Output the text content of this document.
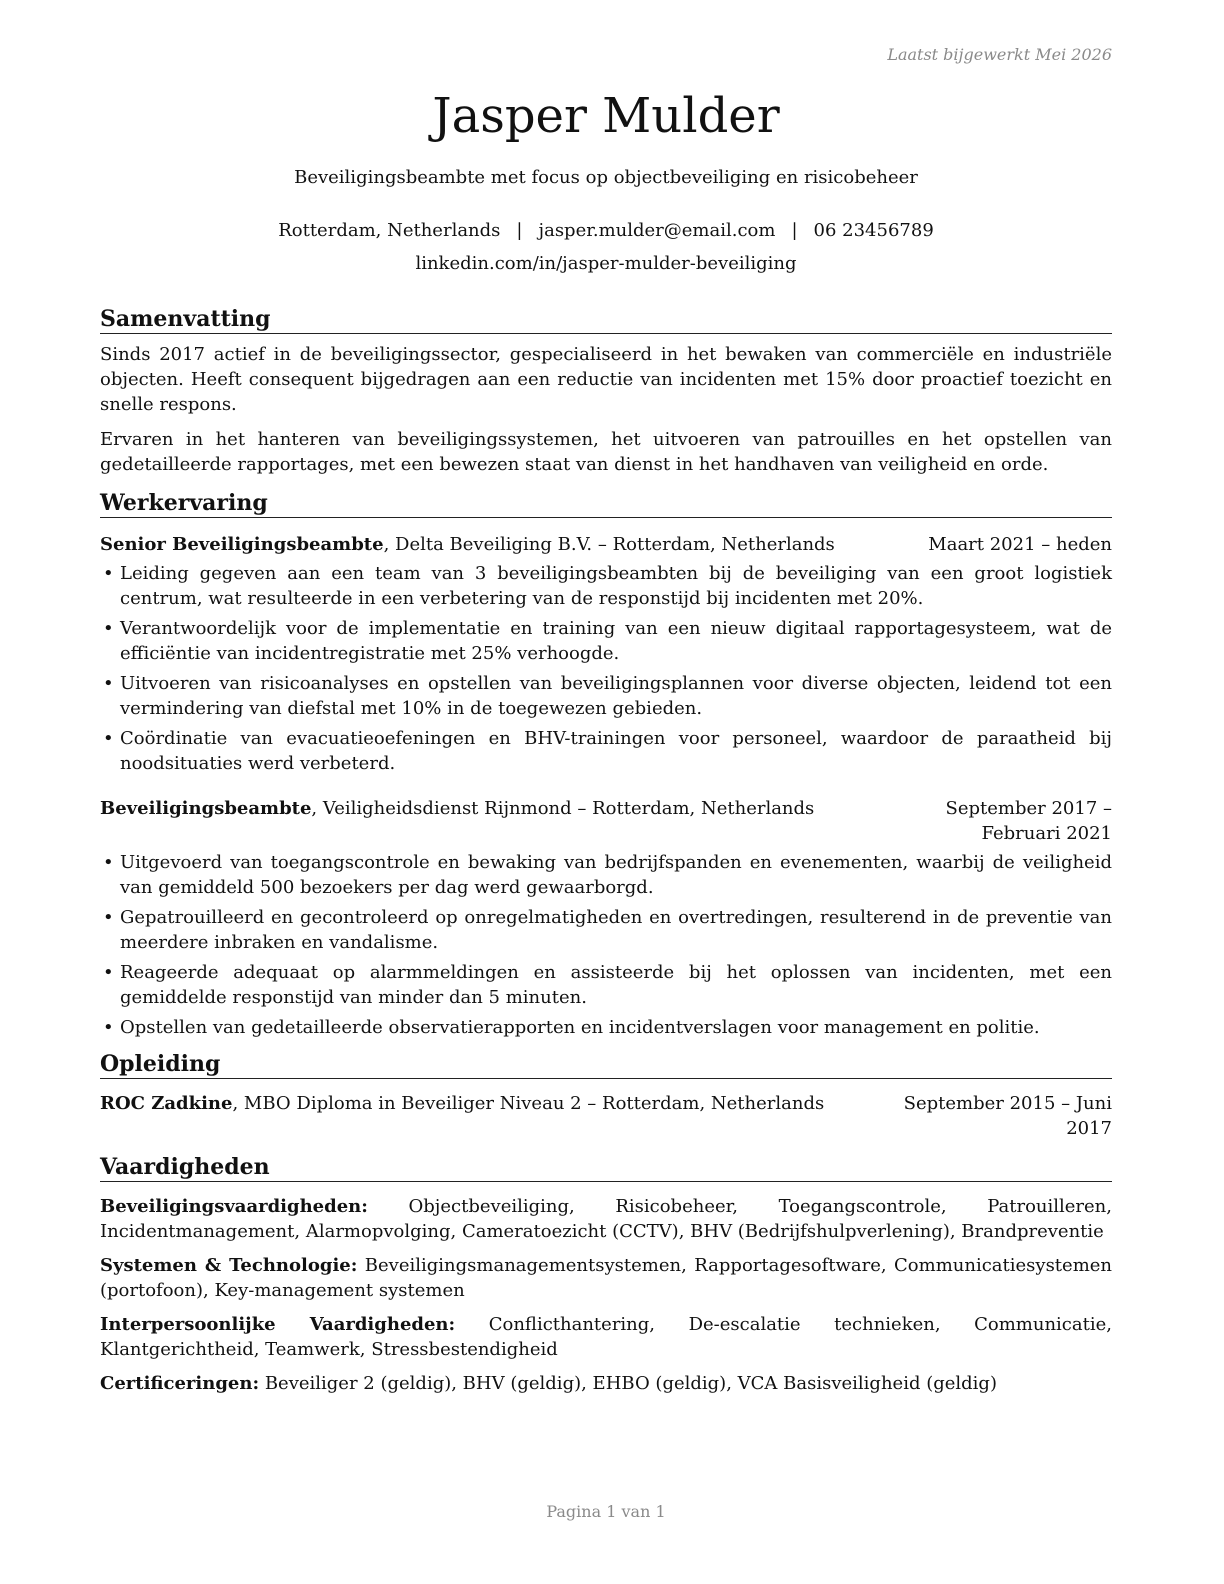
Laatst bijgewerkt Mei 2026
Jasper Mulder
Beveiligingsbeambte met focus op objectbeveiliging en risicobeheer
Rotterdam, Netherlands | jasper.mulder@email.com | 06 23456789
linkedin.com/in/jasper-mulder-beveiliging
Samenvatting

Sinds 2017 actief in de beveiligingssector, gespecialiseerd in het bewaken van commerciële en industriële objecten. Heeft consequent bijgedragen aan een reductie van incidenten met 15% door proactief toezicht en snelle respons.

Ervaren in het hanteren van beveiligingssystemen, het uitvoeren van patrouilles en het opstellen van gedetailleerde rapportages, met een bewezen staat van dienst in het handhaven van veiligheid en orde.

Werkervaring
Senior Beveiligingsbeambte, Delta Beveiliging B.V. – Rotterdam, Netherlands	Maart 2021 – heden
• Leiding gegeven aan een team van 3 beveiligingsbeambten bij de beveiliging van een groot logistiek centrum, wat resulteerde in een verbetering van de responstijd bij incidenten met 20%.
• Verantwoordelijk voor de implementatie en training van een nieuw digitaal rapportagesysteem, wat de efficiëntie van incidentregistratie met 25% verhoogde.
• Uitvoeren van risicoanalyses en opstellen van beveiligingsplannen voor diverse objecten, leidend tot een vermindering van diefstal met 10% in de toegewezen gebieden.
• Coördinatie van evacuatieoefeningen en BHV-trainingen voor personeel, waardoor de paraatheid bij noodsituaties werd verbeterd.
Beveiligingsbeambte, Veiligheidsdienst Rijnmond – Rotterdam, Netherlands	September 2017 – Februari 2021
• Uitgevoerd van toegangscontrole en bewaking van bedrijfspanden en evenementen, waarbij de veiligheid van gemiddeld 500 bezoekers per dag werd gewaarborgd.
• Gepatrouilleerd en gecontroleerd op onregelmatigheden en overtredingen, resulterend in de preventie van meerdere inbraken en vandalisme.
• Reageerde adequaat op alarmmeldingen en assisteerde bij het oplossen van incidenten, met een gemiddelde responstijd van minder dan 5 minuten.
• Opstellen van gedetailleerde observatierapporten en incidentverslagen voor management en politie.
Opleiding
ROC Zadkine, MBO Diploma in Beveiliger Niveau 2 – Rotterdam, Netherlands	September 2015 – Juni 2017
Vaardigheden

Beveiligingsvaardigheden: Objectbeveiliging, Risicobeheer, Toegangscontrole, Patrouilleren, Incidentmanagement, Alarmopvolging, Cameratoezicht (CCTV), BHV (Bedrijfshulpverlening), Brandpreventie

Systemen & Technologie: Beveiligingsmanagementsystemen, Rapportagesoftware, Communicatiesystemen (portofoon), Key-management systemen

Interpersoonlijke Vaardigheden: Conflicthantering, De-escalatie technieken, Communicatie, Klantgerichtheid, Teamwerk, Stressbestendigheid

Certificeringen: Beveiliger 2 (geldig), BHV (geldig), EHBO (geldig), VCA Basisveiligheid (geldig)

Pagina 1 van 1
